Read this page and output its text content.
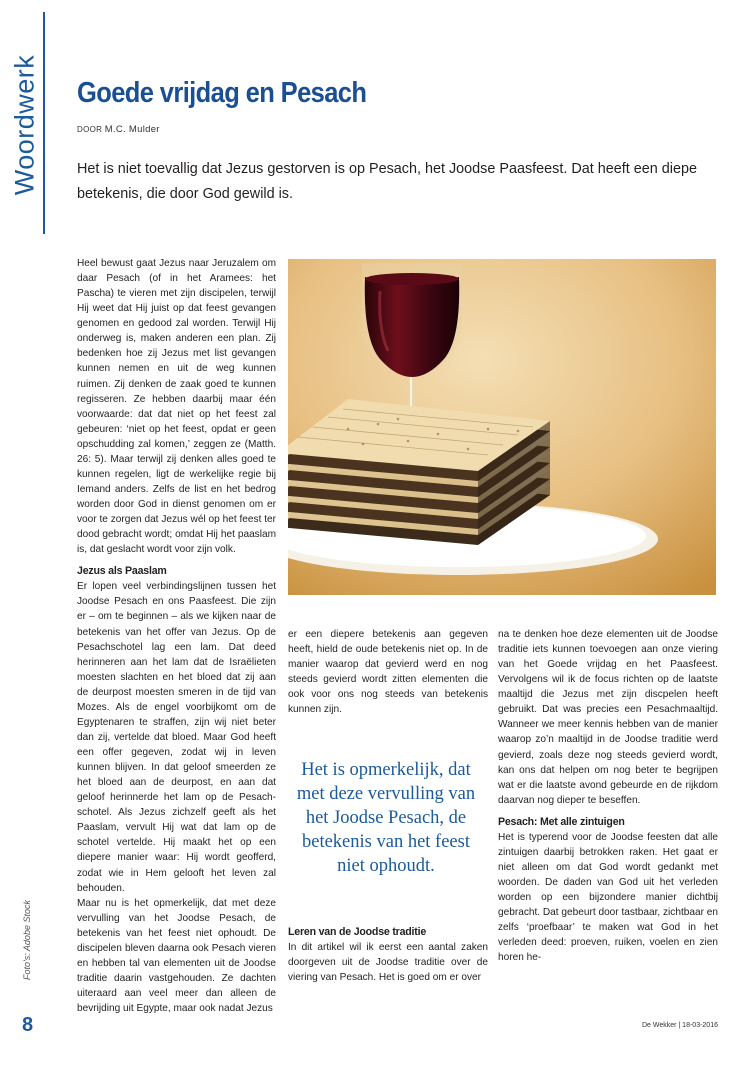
Woordwerk Goede vrijdag en Pesach
DOOR M.C. Mulder
Het is niet toevallig dat Jezus gestorven is op Pesach, het Joodse Paasfeest. Dat heeft een diepe betekenis, die door God gewild is.

Heel bewust gaat Jezus naar Jeruzalem om daar Pesach (of in het Aramees: het Pascha) te vieren met zijn discipelen, terwijl Hij weet dat Hij juist op dat feest gevangen genomen en gedood zal worden. Terwijl Hij onderweg is, maken anderen een plan. Zij bedenken hoe zij Jezus met list gevangen kunnen nemen en uit de weg kunnen ruimen. Zij denken de zaak goed te kunnen regisseren. Ze hebben daarbij maar één voorwaarde: dat dat niet op het feest zal gebeuren: ‘niet op het feest, opdat er geen opschudding zal komen,’ zeggen ze (Matth. 26: 5). Maar terwijl zij denken alles goed te kunnen regelen, ligt de werkelijke regie bij Iemand anders. Zelfs de list en het bedrog worden door God in dienst genomen om er voor te zorgen dat Jezus wél op het feest ter dood gebracht wordt; omdat Hij het paaslam is, dat geslacht wordt voor zijn volk.

Jezus als Paaslam

Er lopen veel verbindingslijnen tussen het Joodse Pesach en ons Paasfeest. Die zijn er – om te beginnen – als we kijken naar de betekenis van het offer van Jezus. Op de Pesachschotel lag een lam. Dat deed herinneren aan het lam dat de Israëlieten moesten slachten en het bloed dat zij aan de deurpost moesten smeren in de tijd van Mozes. Als de engel voorbijkomt om de Egyptenaren te straffen, zijn wij niet beter dan zij, vertelde dat bloed. Maar God heeft een offer gegeven, zodat wij in leven kunnen blijven. In dat geloof smeerden ze het bloed aan de deurpost, en aan dat geloof herinnerde het lam op de Pesach-schotel. Als Jezus zichzelf geeft als het Paaslam, vervult Hij wat dat lam op de schotel vertelde. Hij maakt het op een diepere manier waar: Hij wordt geofferd, zodat wie in Hem gelooft het leven zal behouden.

Maar nu is het opmerkelijk, dat met deze vervulling van het Joodse Pesach, de betekenis van het feest niet ophoudt. De discipelen bleven daarna ook Pesach vieren en hebben tal van elementen uit de Joodse traditie daarin vastgehouden. Ze dachten uiteraard aan veel meer dan alleen de bevrijding uit Egypte, maar ook nadat Jezus

er een diepere betekenis aan gegeven heeft, hield de oude betekenis niet op. In de manier waarop dat gevierd werd en nog steeds gevierd wordt zitten elementen die ook voor ons nog steeds van betekenis kunnen zijn.

Het is opmerkelijk, dat met deze vervulling van het Joodse Pesach, de betekenis van het feest niet ophoudt.
Leren van de Joodse traditie

In dit artikel wil ik eerst een aantal zaken doorgeven uit de Joodse traditie over de viering van Pesach. Het is goed om er over

na te denken hoe deze elementen uit de Joodse traditie iets kunnen toevoegen aan onze viering van het Goede vrijdag en het Paasfeest. Vervolgens wil ik de focus richten op de laatste maaltijd die Jezus met zijn discpelen heeft gebruikt. Dat was precies een Pesachmaaltijd. Wanneer we meer kennis hebben van de manier waarop zo’n maaltijd in de Joodse traditie werd gevierd, zoals deze nog steeds gevierd wordt, kan ons dat helpen om nog beter te begrijpen wat er die laatste avond gebeurde en de rijkdom daarvan nog dieper te beseffen.

Pesach: Met alle zintuigen

Het is typerend voor de Joodse feesten dat alle zintuigen daarbij betrokken raken. Het gaat er niet alleen om dat God wordt gedankt met woorden. De daden van God uit het verleden worden op een bijzondere manier dichtbij gebracht. Dat gebeurt door tastbaar, zichtbaar en zelfs ‘proefbaar’ te maken wat God in het verleden deed: proeven, ruiken, voelen en zien horen he-

Foto's: Adobe Stock
8	De Wekker | 18-03-2016
